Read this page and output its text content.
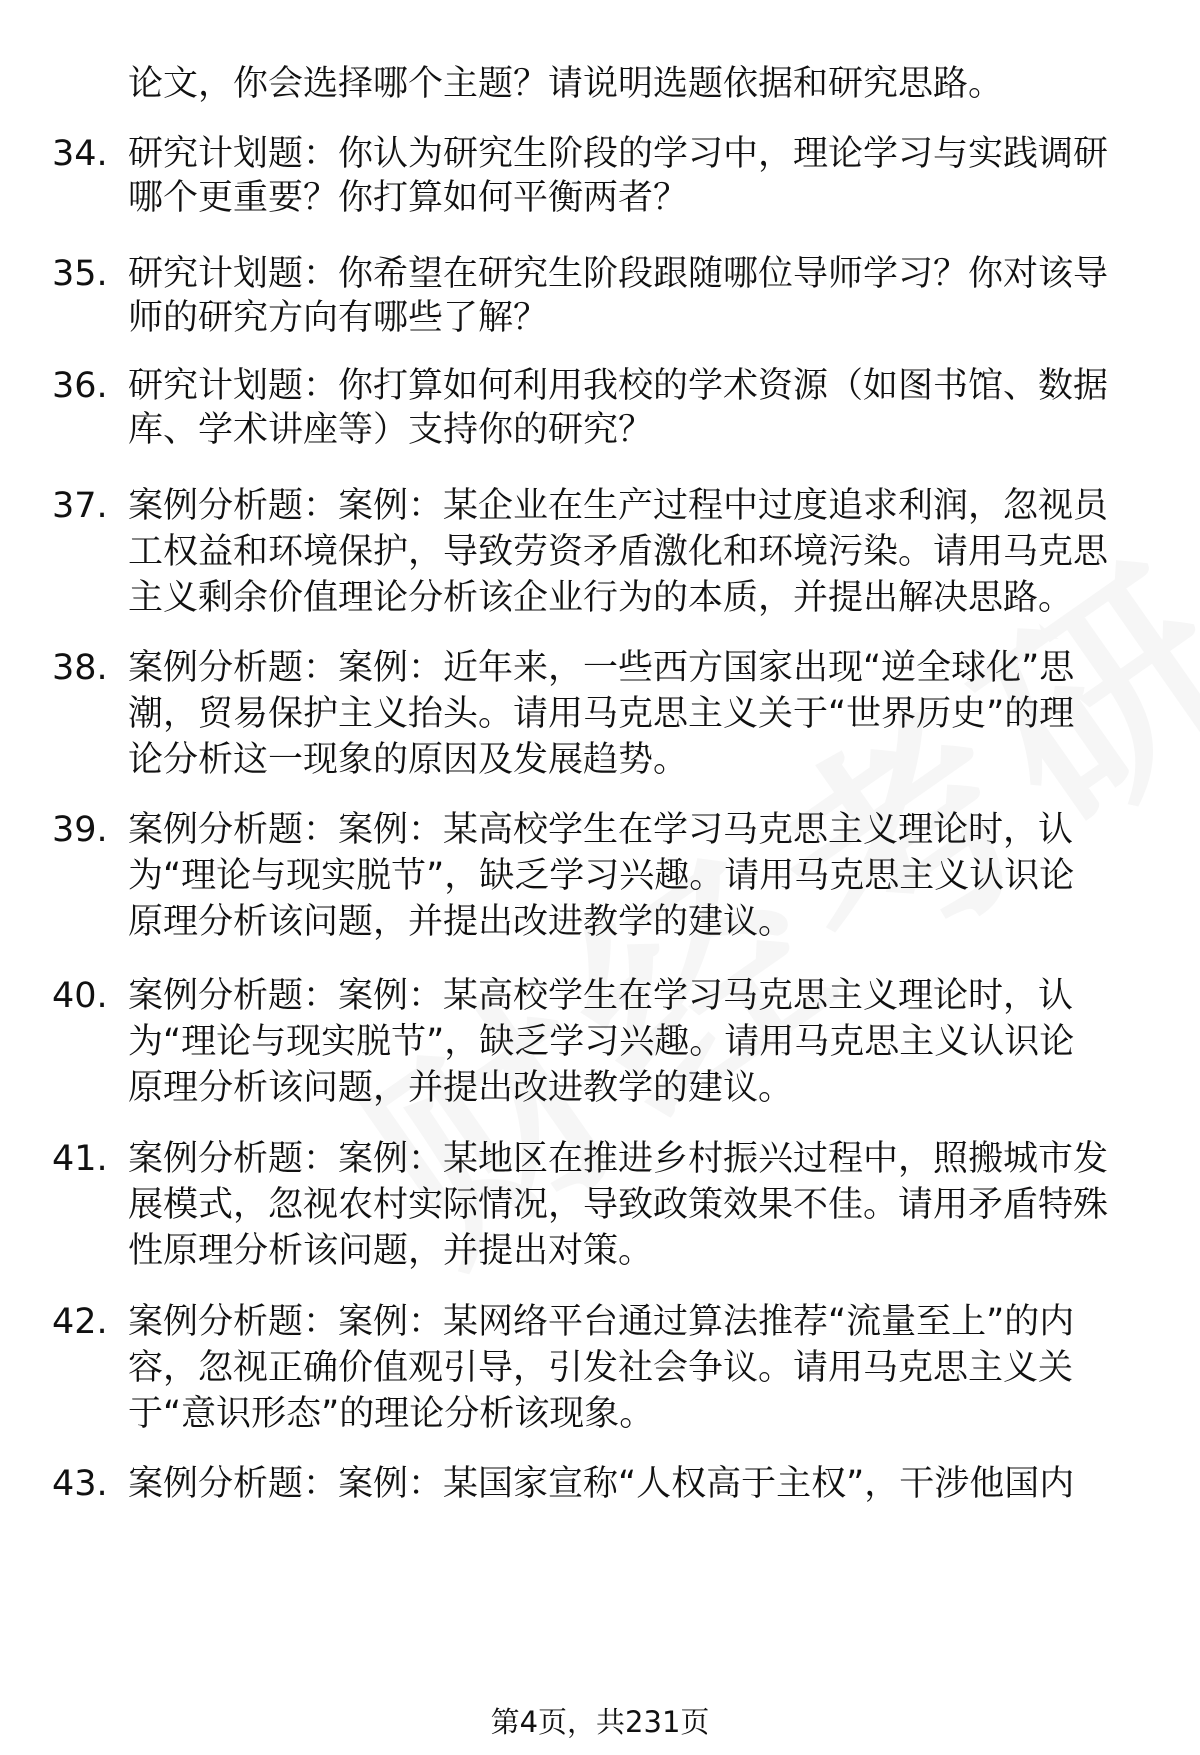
论文，你会选择哪个主题？请说明选题依据和研究思路。
34. 研究计划题：你认为研究生阶段的学习中，理论学习与实践调研
哪个更重要？你打算如何平衡两者？
35. 研究计划题：你希望在研究生阶段跟随哪位导师学习？你对该导
师的研究方向有哪些了解？
36. 研究计划题：你打算如何利用我校的学术资源（如图书馆、数据
库、学术讲座等）支持你的研究？
37. 案例分析题：案例：某企业在生产过程中过度追求利润，忽视员
工权益和环境保护，导致劳资矛盾激化和环境污染。请用马克思
主义剩余价值理论分析该企业行为的本质，并提出解决思路。
38. 案例分析题：案例：近年来，一些西方国家出现“逆全球化”思
潮，贸易保护主义抬头。请用马克思主义关于“世界历史”的理
论分析这一现象的原因及发展趋势。
39. 案例分析题：案例：某高校学生在学习马克思主义理论时，认
为“理论与现实脱节”，缺乏学习兴趣。请用马克思主义认识论
原理分析该问题，并提出改进教学的建议。
40. 案例分析题：案例：某高校学生在学习马克思主义理论时，认
为“理论与现实脱节”，缺乏学习兴趣。请用马克思主义认识论
原理分析该问题，并提出改进教学的建议。
41. 案例分析题：案例：某地区在推进乡村振兴过程中，照搬城市发
展模式，忽视农村实际情况，导致政策效果不佳。请用矛盾特殊
性原理分析该问题，并提出对策。
42. 案例分析题：案例：某网络平台通过算法推荐“流量至上”的内
容，忽视正确价值观引导，引发社会争议。请用马克思主义关
于“意识形态”的理论分析该现象。
43. 案例分析题：案例：某国家宣称“人权高于主权”，干涉他国内
第4页，共231页
